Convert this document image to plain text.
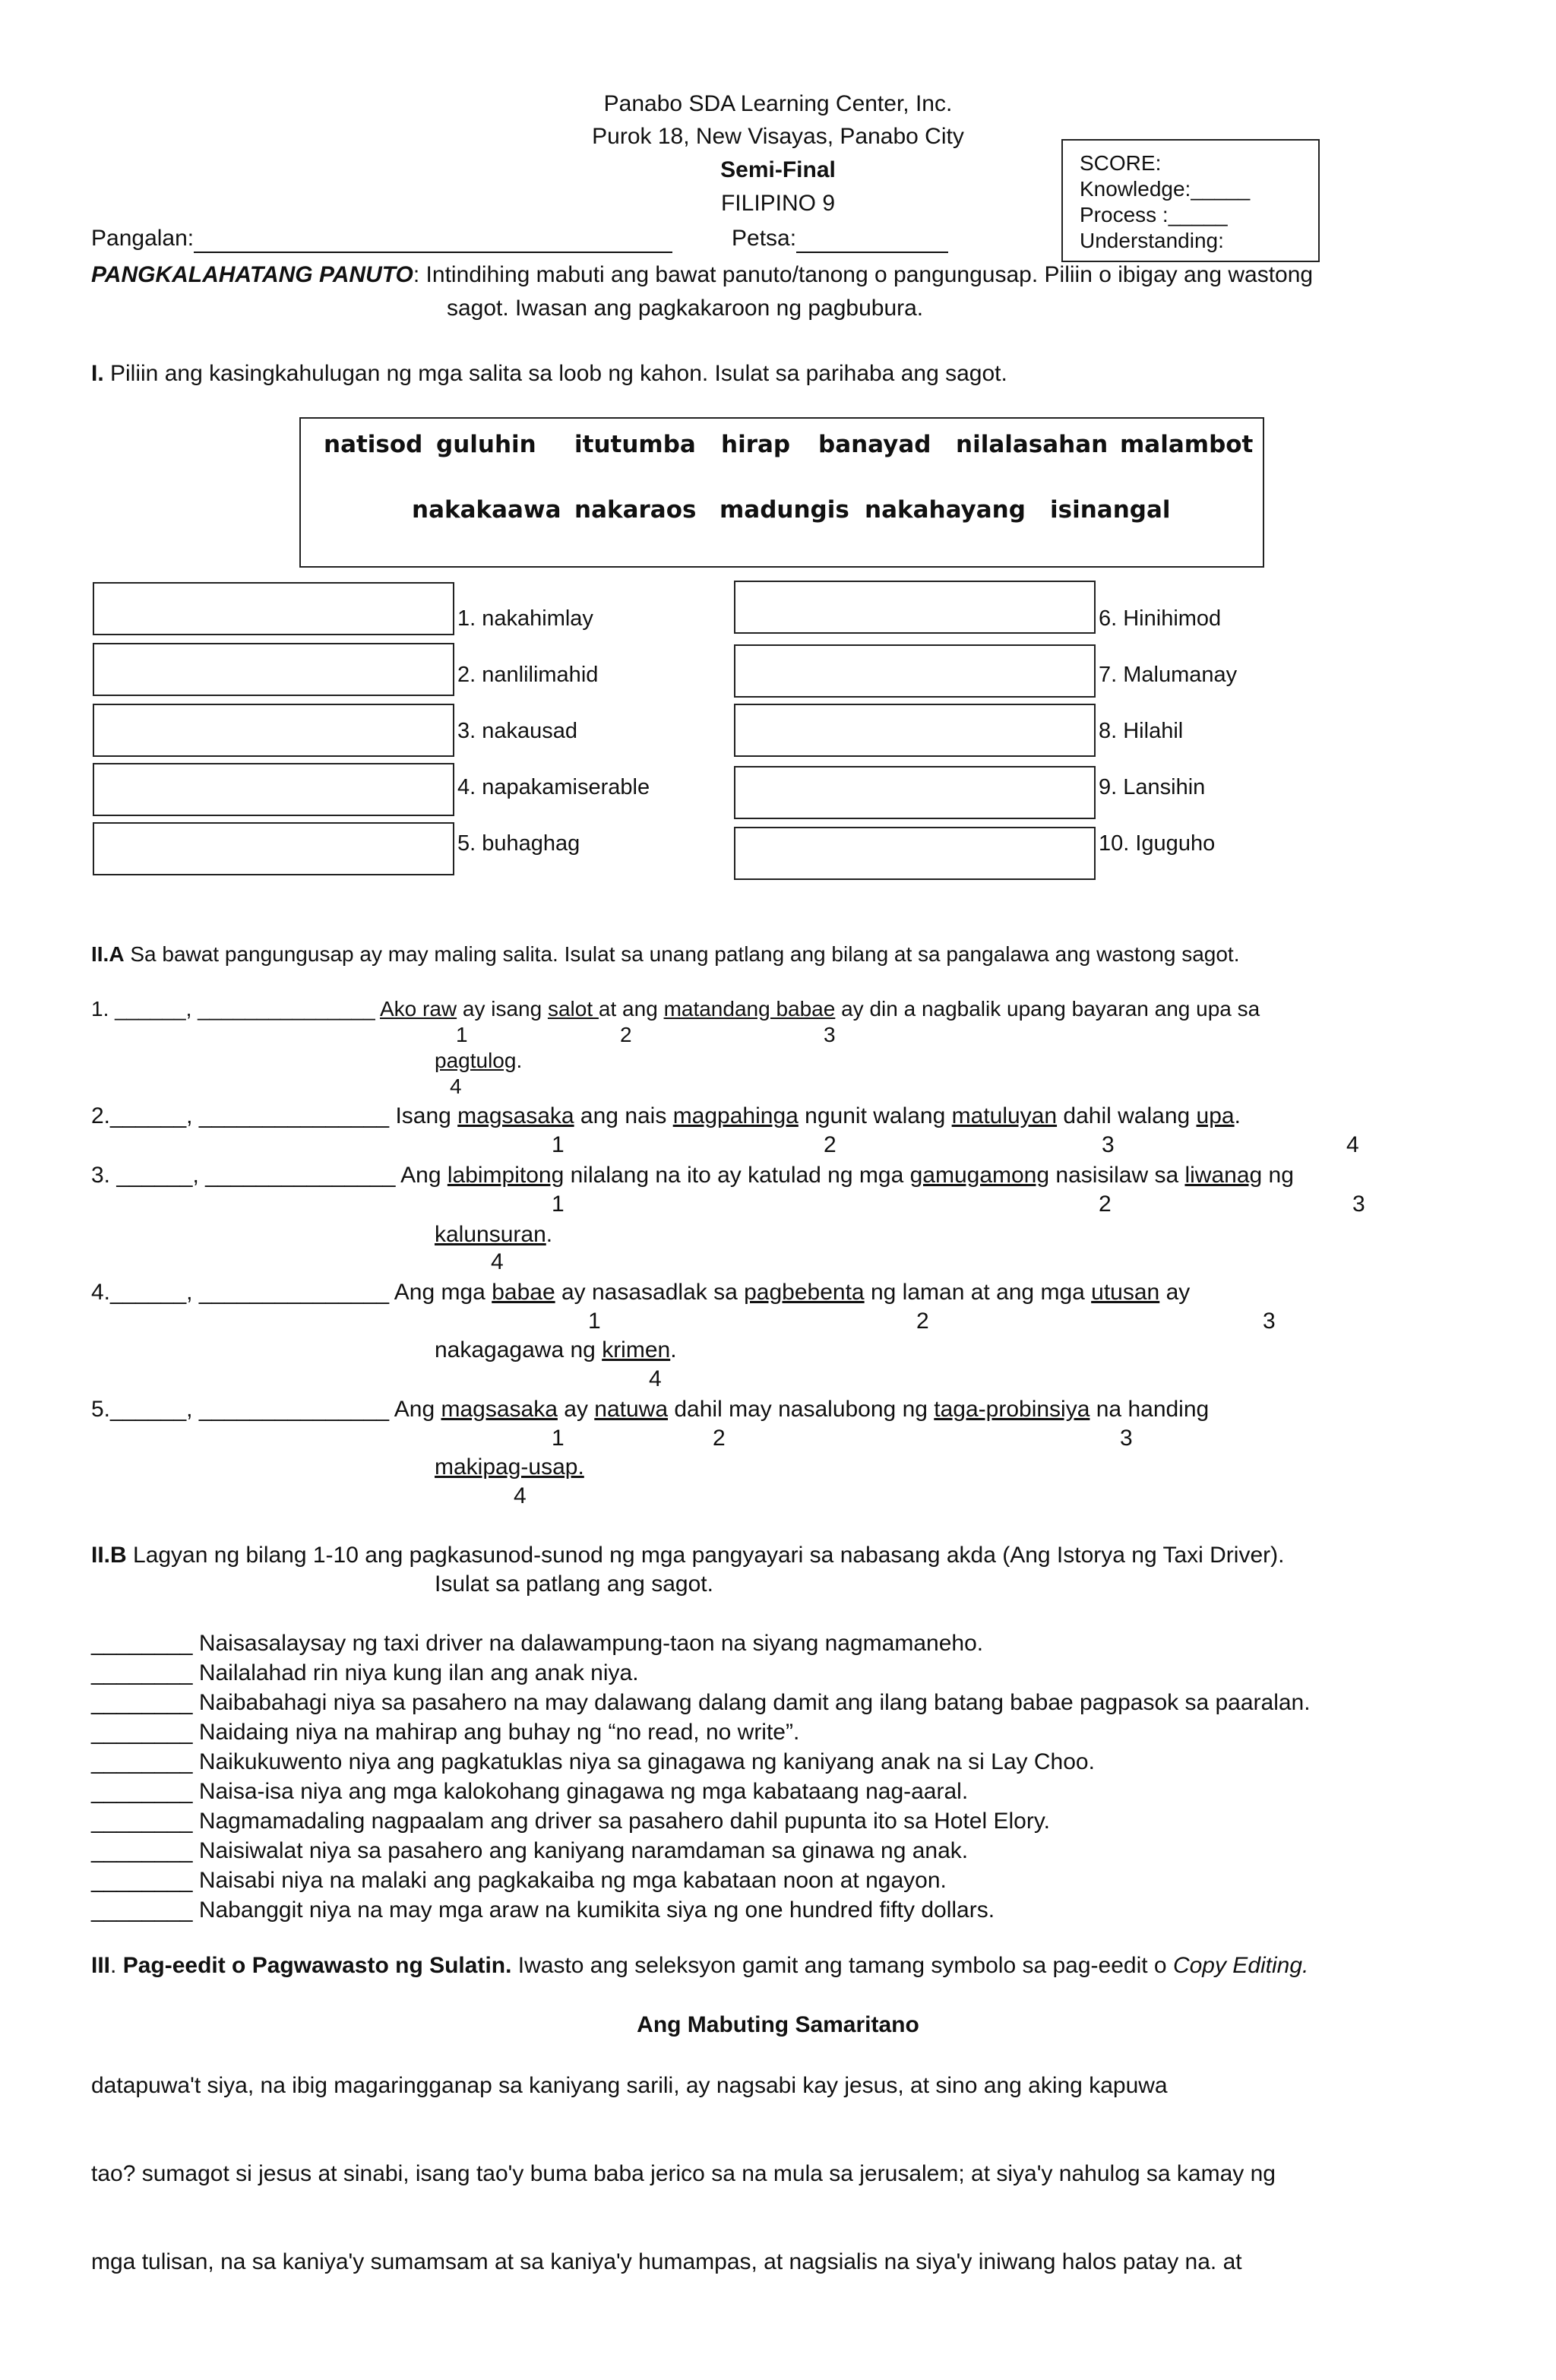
Panabo SDA Learning Center, Inc.
Purok 18, New Visayas, Panabo City
Semi-Final
FILIPINO 9
Pangalan:	Petsa:
SCORE:
Knowledge:_____
Process :_____
Understanding:
PANGKALAHATANG PANUTO: Intindihing mabuti ang bawat panuto/tanong o pangungusap. Piliin o ibigay ang wastong
sagot. Iwasan ang pagkakaroon ng pagbubura.
I. Piliin ang kasingkahulugan ng mga salita sa loob ng kahon. Isulat sa parihaba ang sagot.
natisod guluhin itutumba hirap banayad nilalasahan malambot
nakakaawa nakaraos madungis nakahayang isinangal
1. nakahimlay
2. nanlilimahid
3. nakausad
4. napakamiserable
5. buhaghag
6. Hinihimod
7. Malumanay
8. Hilahil
9. Lansihin
10. Iguguho
II.A Sa bawat pangungusap ay may maling salita. Isulat sa unang patlang ang bilang at sa pangalawa ang wastong sagot.
1. ______, _______________ Ako raw ay isang salot at ang matandang babae ay din a nagbalik upang bayaran ang upa sa
1	2	3
pagtulog.
4
2.______, _______________ Isang magsasaka ang nais magpahinga ngunit walang matuluyan dahil walang upa.
1	2	3	4
3. ______, _______________ Ang labimpitong nilalang na ito ay katulad ng mga gamugamong nasisilaw sa liwanag ng
1	2	3
kalunsuran.
4
4.______, _______________ Ang mga babae ay nasasadlak sa pagbebenta ng laman at ang mga utusan ay
1	2	3
nakagagawa ng krimen.
4
5.______, _______________ Ang magsasaka ay natuwa dahil may nasalubong ng taga-probinsiya na handing
1	2	3
makipag-usap.
4
II.B Lagyan ng bilang 1-10 ang pagkasunod-sunod ng mga pangyayari sa nabasang akda (Ang Istorya ng Taxi Driver).
Isulat sa patlang ang sagot.
________ Naisasalaysay ng taxi driver na dalawampung-taon na siyang nagmamaneho.
________ Nailalahad rin niya kung ilan ang anak niya.
________ Naibabahagi niya sa pasahero na may dalawang dalang damit ang ilang batang babae pagpasok sa paaralan.
________ Naidaing niya na mahirap ang buhay ng “no read, no write”.
________ Naikukuwento niya ang pagkatuklas niya sa ginagawa ng kaniyang anak na si Lay Choo.
________ Naisa-isa niya ang mga kalokohang ginagawa ng mga kabataang nag-aaral.
________ Nagmamadaling nagpaalam ang driver sa pasahero dahil pupunta ito sa Hotel Elory.
________ Naisiwalat niya sa pasahero ang kaniyang naramdaman sa ginawa ng anak.
________ Naisabi niya na malaki ang pagkakaiba ng mga kabataan noon at ngayon.
________ Nabanggit niya na may mga araw na kumikita siya ng one hundred fifty dollars.
III. Pag-eedit o Pagwawasto ng Sulatin. Iwasto ang seleksyon gamit ang tamang symbolo sa pag-eedit o Copy Editing.
Ang Mabuting Samaritano
datapuwa't siya, na ibig magaringganap sa kaniyang sarili, ay nagsabi kay jesus, at sino ang aking kapuwa
tao? sumagot si jesus at sinabi, isang tao'y buma baba jerico sa na mula sa jerusalem; at siya'y nahulog sa kamay ng
mga tulisan, na sa kaniya'y sumamsam at sa kaniya'y humampas, at nagsialis na siya'y iniwang halos patay na. at
